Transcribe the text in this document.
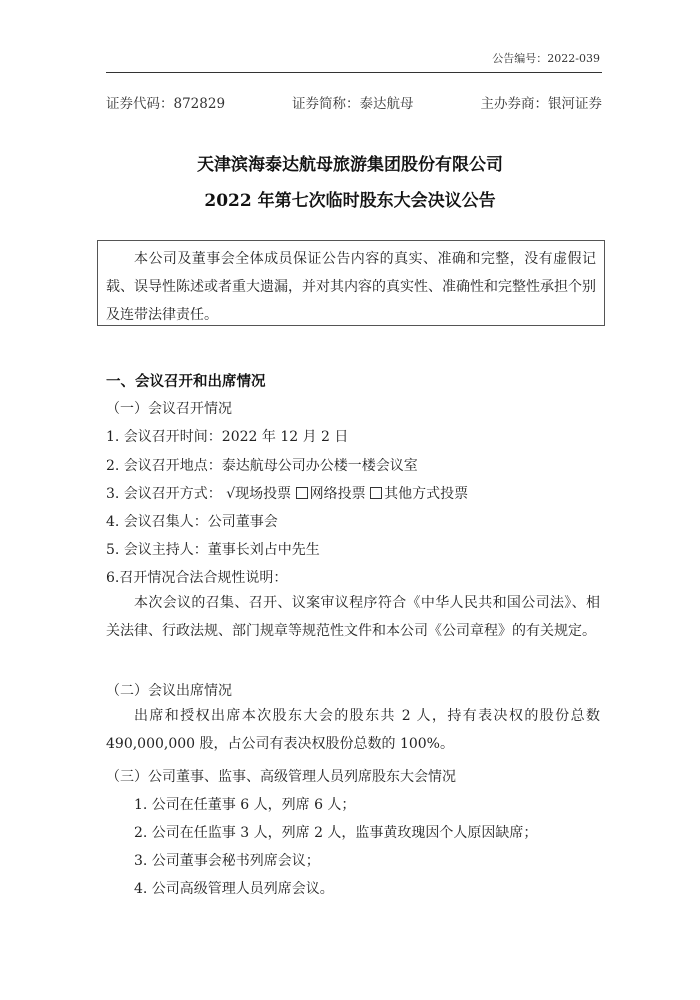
公告编号：2022-039
证券代码：872829	证券简称：泰达航母	主办券商：银河证券
天津滨海泰达航母旅游集团股份有限公司
2022 年第七次临时股东大会决议公告
本公司及董事会全体成员保证公告内容的真实、准确和完整，没有虚假记载、误导性陈述或者重大遗漏，并对其内容的真实性、准确性和完整性承担个别及连带法律责任。
一、会议召开和出席情况
（一）会议召开情况
1. 会议召开时间：2022 年 12 月 2 日
2. 会议召开地点：泰达航母公司办公楼一楼会议室
3. 会议召开方式： √现场投票 网络投票 其他方式投票
4. 会议召集人：公司董事会
5. 会议主持人：董事长刘占中先生
6.召开情况合法合规性说明：
本次会议的召集、召开、议案审议程序符合《中华人民共和国公司法》、相关法律、行政法规、部门规章等规范性文件和本公司《公司章程》的有关规定。
（二）会议出席情况
出席和授权出席本次股东大会的股东共 2 人，持有表决权的股份总数 490,000,000 股，占公司有表决权股份总数的 100%。
（三）公司董事、监事、高级管理人员列席股东大会情况
1. 公司在任董事 6 人，列席 6 人；
2. 公司在任监事 3 人，列席 2 人，监事黄玫瑰因个人原因缺席；
3. 公司董事会秘书列席会议；
4. 公司高级管理人员列席会议。
